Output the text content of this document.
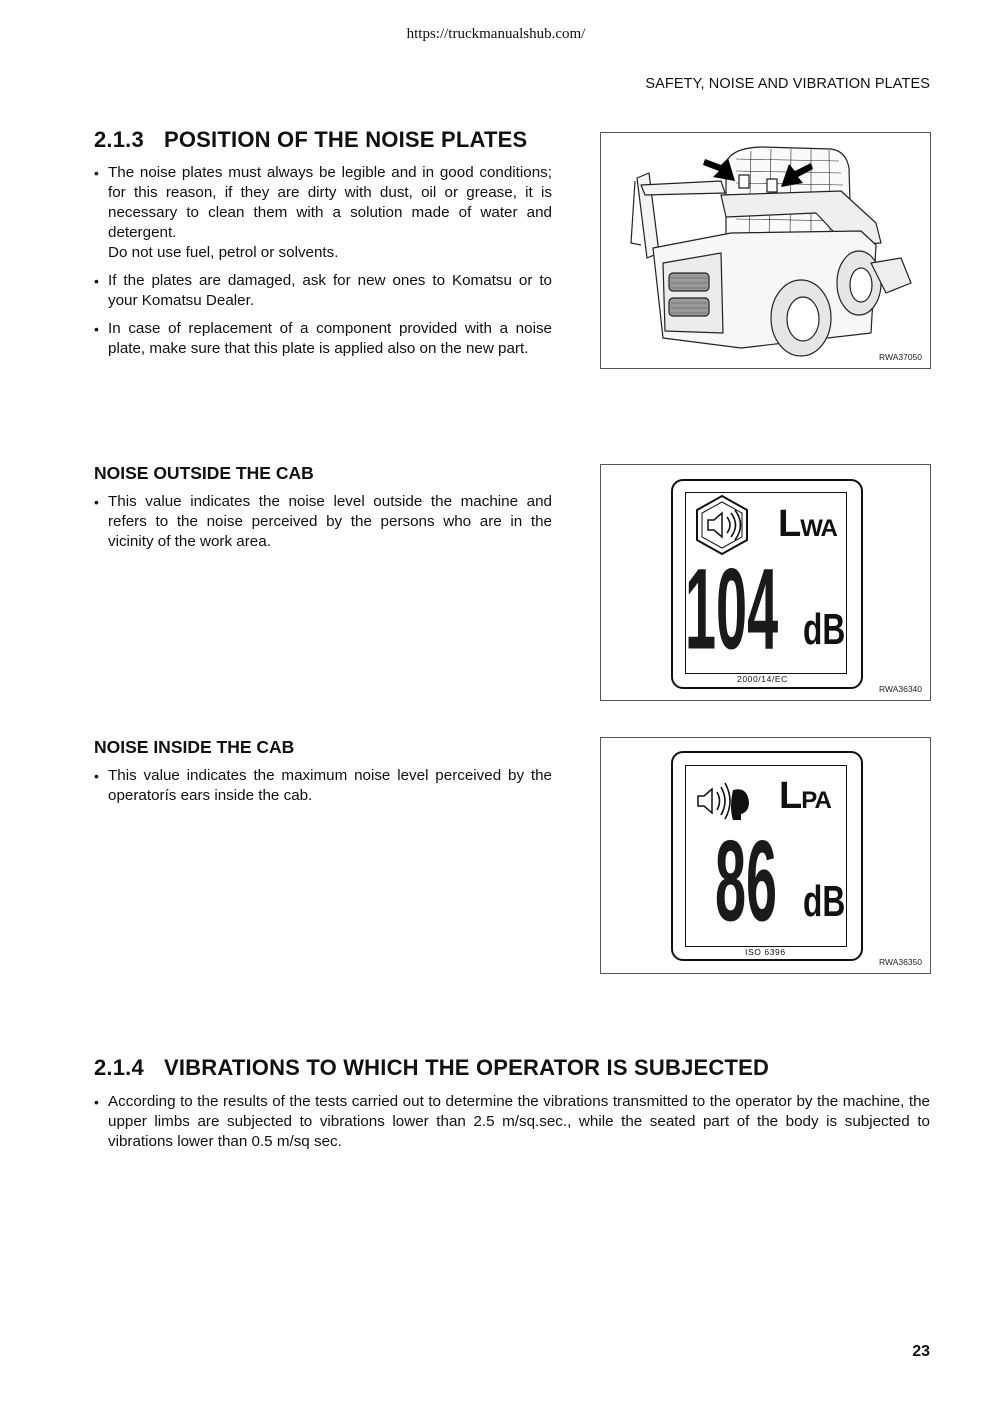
https://truckmanualshub.com/
SAFETY, NOISE AND VIBRATION PLATES
2.1.3 POSITION OF THE NOISE PLATES
• The noise plates must always be legible and in good conditions; for this reason, if they are dirty with dust, oil or grease, it is necessary to clean them with a solution made of water and detergent.
Do not use fuel, petrol or solvents.
• If the plates are damaged, ask for new ones to Komatsu or to your Komatsu Dealer.
• In case of replacement of a component provided with a noise plate, make sure that this plate is applied also on the new part.	RWA37050
NOISE OUTSIDE THE CAB
• This value indicates the noise level outside the machine and refers to the noise perceived by the persons who are in the vicinity of the work area.	LWA
104 dB
2000/14/EC
RWA36340
NOISE INSIDE THE CAB
• This value indicates the maximum noise level perceived by the operatorís ears inside the cab.	LPA
86 dB
ISO 6396
RWA36350
2.1.4 VIBRATIONS TO WHICH THE OPERATOR IS SUBJECTED
• According to the results of the tests carried out to determine the vibrations transmitted to the operator by the machine, the upper limbs are subjected to vibrations lower than 2.5 m/sq.sec., while the seated part of the body is subjected to vibrations lower than 0.5 m/sq sec.
23
